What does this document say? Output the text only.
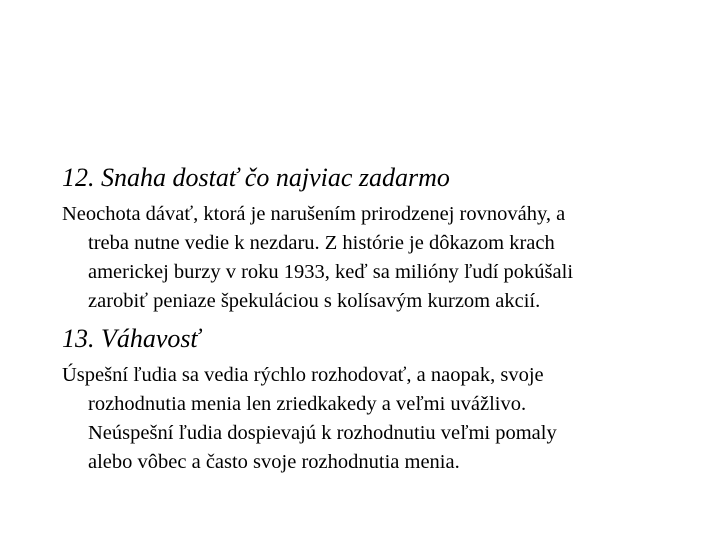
12. Snaha dostať čo najviac zadarmo

Neochota dávať, ktorá je narušením prirodzenej rovnováhy, a
treba nutne vedie k nezdaru. Z histórie je dôkazom krach
americkej burzy v roku 1933, keď sa milióny ľudí pokúšali
zarobiť peniaze špekuláciou s kolísavým kurzom akcií.

13. Váhavosť

Úspešní ľudia sa vedia rýchlo rozhodovať, a naopak, svoje
rozhodnutia menia len zriedkakedy a veľmi uvážlivo.
Neúspešní ľudia dospievajú k rozhodnutiu veľmi pomaly
alebo vôbec a často svoje rozhodnutia menia.
